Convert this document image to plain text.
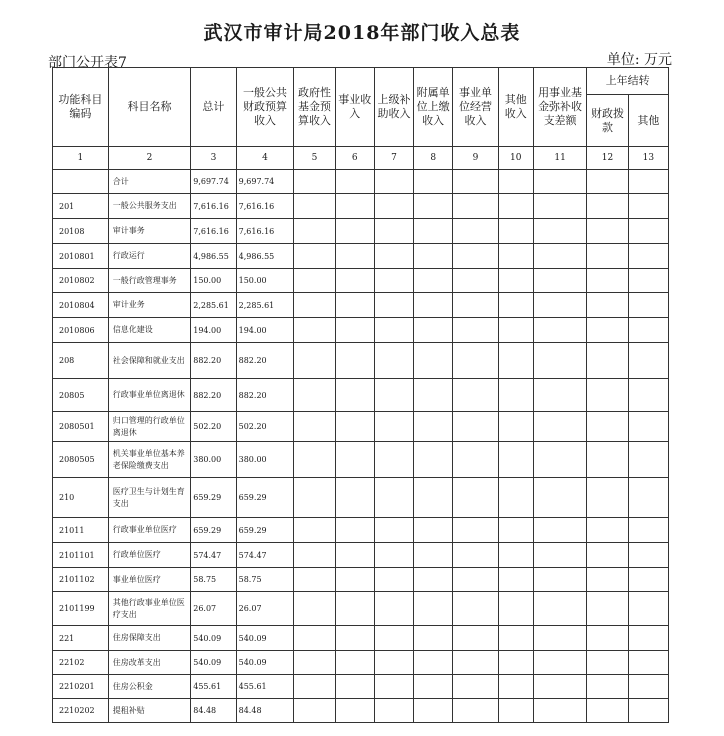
武汉市审计局2018年部门收入总表
部门公开表7	单位: 万元
功能科目编码	科目名称	总计	一般公共财政预算收入	政府性基金预算收入	事业收入	上级补助收入	附属单位上缴收入	事业单位经营收入	其他收入	用事业基金弥补收支差额	上年结转	
											财政拨款	其他
1	2	3	4	5	6	7	8	9	10	11	12	13
	合计	9,697.74	9,697.74									
201	一般公共服务支出	7,616.16	7,616.16									
20108	审计事务	7,616.16	7,616.16									
2010801	行政运行	4,986.55	4,986.55									
2010802	一般行政管理事务	150.00	150.00									
2010804	审计业务	2,285.61	2,285.61									
2010806	信息化建设	194.00	194.00									
208	社会保障和就业支出	882.20	882.20									
20805	行政事业单位离退休	882.20	882.20									
2080501	归口管理的行政单位离退休	502.20	502.20									
2080505	机关事业单位基本养老保险缴费支出	380.00	380.00									
210	医疗卫生与计划生育支出	659.29	659.29									
21011	行政事业单位医疗	659.29	659.29									
2101101	行政单位医疗	574.47	574.47									
2101102	事业单位医疗	58.75	58.75									
2101199	其他行政事业单位医疗支出	26.07	26.07									
221	住房保障支出	540.09	540.09									
22102	住房改革支出	540.09	540.09									
2210201	住房公积金	455.61	455.61									
2210202	提租补贴	84.48	84.48									
